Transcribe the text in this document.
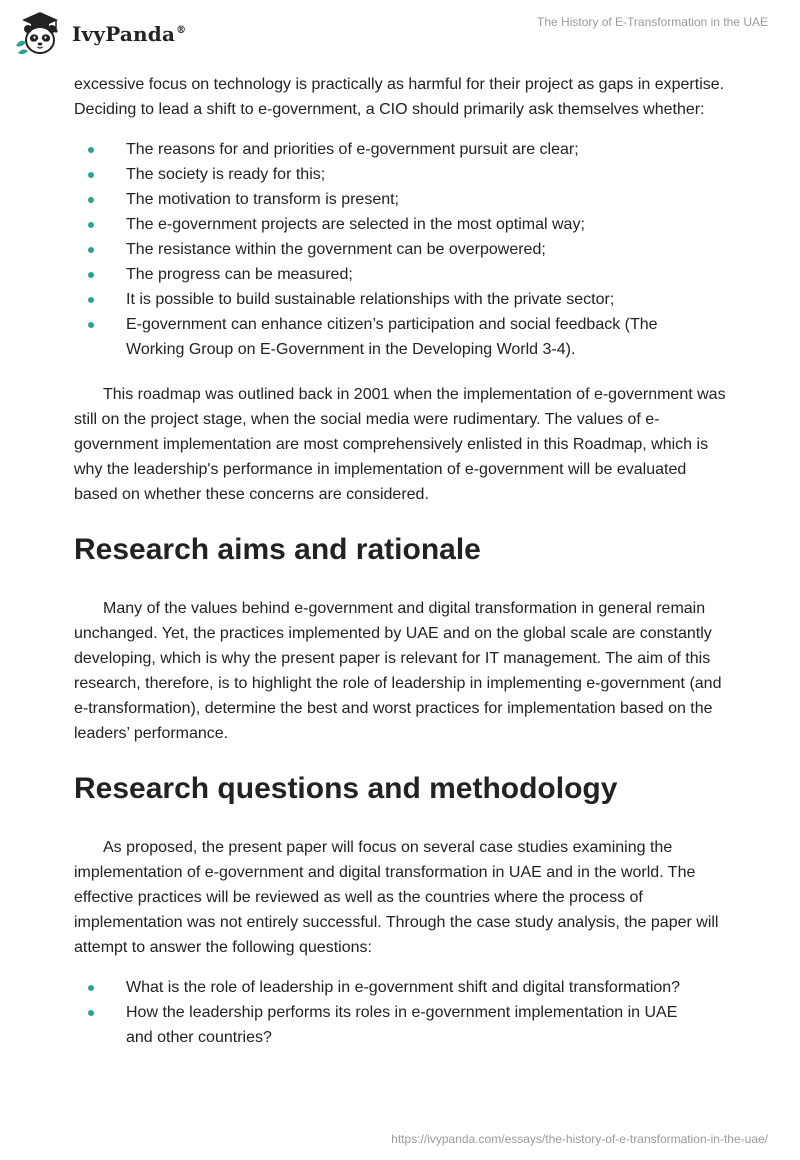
IvyPanda®
The History of E-Transformation in the UAE

excessive focus on technology is practically as harmful for their project as gaps in expertise. Deciding to lead a shift to e-government, a CIO should primarily ask themselves whether:

The reasons for and priorities of e-government pursuit are clear;
The society is ready for this;
The motivation to transform is present;
The e-government projects are selected in the most optimal way;
The resistance within the government can be overpowered;
The progress can be measured;
It is possible to build sustainable relationships with the private sector;
E-government can enhance citizen’s participation and social feedback (The Working Group on E-Government in the Developing World 3-4).

This roadmap was outlined back in 2001 when the implementation of e-government was still on the project stage, when the social media were rudimentary. The values of e-government implementation are most comprehensively enlisted in this Roadmap, which is why the leadership's performance in implementation of e-government will be evaluated based on whether these concerns are considered.

Research aims and rationale

Many of the values behind e-government and digital transformation in general remain unchanged. Yet, the practices implemented by UAE and on the global scale are constantly developing, which is why the present paper is relevant for IT management. The aim of this research, therefore, is to highlight the role of leadership in implementing e-government (and e-transformation), determine the best and worst practices for implementation based on the leaders’ performance.

Research questions and methodology

As proposed, the present paper will focus on several case studies examining the implementation of e-government and digital transformation in UAE and in the world. The effective practices will be reviewed as well as the countries where the process of implementation was not entirely successful. Through the case study analysis, the paper will attempt to answer the following questions:

What is the role of leadership in e-government shift and digital transformation?
How the leadership performs its roles in e-government implementation in UAE and other countries?
https://ivypanda.com/essays/the-history-of-e-transformation-in-the-uae/
